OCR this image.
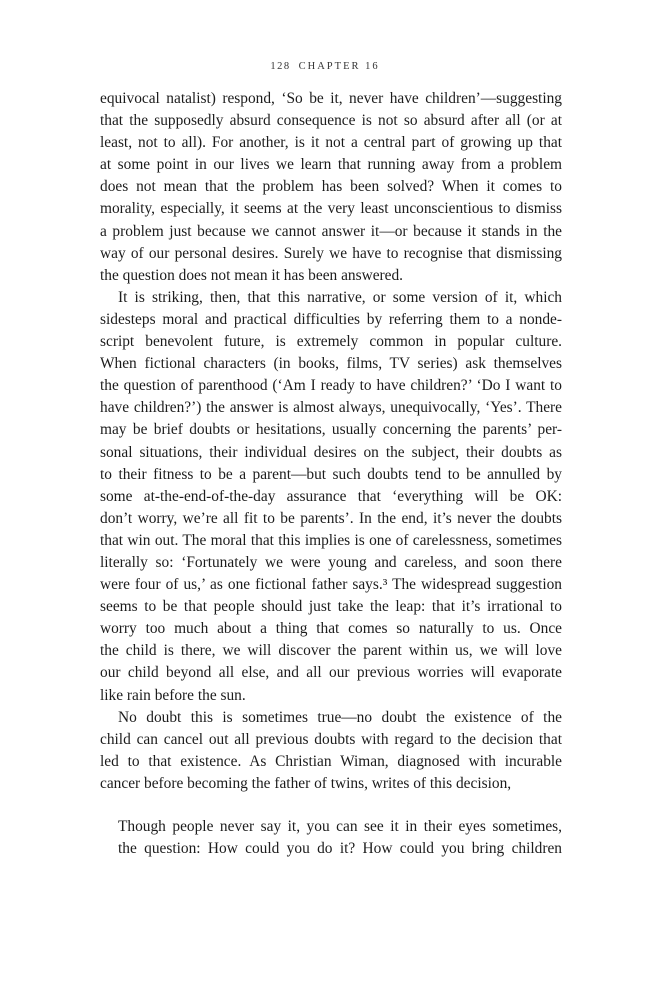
128 CHAPTER 16
equivocal natalist) respond, ‘So be it, never have children’—suggesting
that the supposedly absurd consequence is not so absurd after all (or at
least, not to all). For another, is it not a central part of growing up that
at some point in our lives we learn that running away from a problem
does not mean that the problem has been solved? When it comes to
morality, especially, it seems at the very least unconscientious to dismiss
a problem just because we cannot answer it—or because it stands in the
way of our personal desires. Surely we have to recognise that dismissing
the question does not mean it has been answered.
It is striking, then, that this narrative, or some version of it, which
sidesteps moral and practical difficulties by referring them to a nonde-
script benevolent future, is extremely common in popular culture.
When fictional characters (in books, films, TV series) ask themselves
the question of parenthood (‘Am I ready to have children?’ ‘Do I want to
have children?’) the answer is almost always, unequivocally, ‘Yes’. There
may be brief doubts or hesitations, usually concerning the parents’ per-
sonal situations, their individual desires on the subject, their doubts as
to their fitness to be a parent—but such doubts tend to be annulled by
some at-the-end-of-the-day assurance that ‘everything will be OK:
don’t worry, we’re all fit to be parents’. In the end, it’s never the doubts
that win out. The moral that this implies is one of carelessness, sometimes
literally so: ‘Fortunately we were young and careless, and soon there
were four of us,’ as one fictional father says.³ The widespread suggestion
seems to be that people should just take the leap: that it’s irrational to
worry too much about a thing that comes so naturally to us. Once
the child is there, we will discover the parent within us, we will love
our child beyond all else, and all our previous worries will evaporate
like rain before the sun.
No doubt this is sometimes true—no doubt the existence of the
child can cancel out all previous doubts with regard to the decision that
led to that existence. As Christian Wiman, diagnosed with incurable
cancer before becoming the father of twins, writes of this decision,
Though people never say it, you can see it in their eyes sometimes,
the question: How could you do it? How could you bring children
